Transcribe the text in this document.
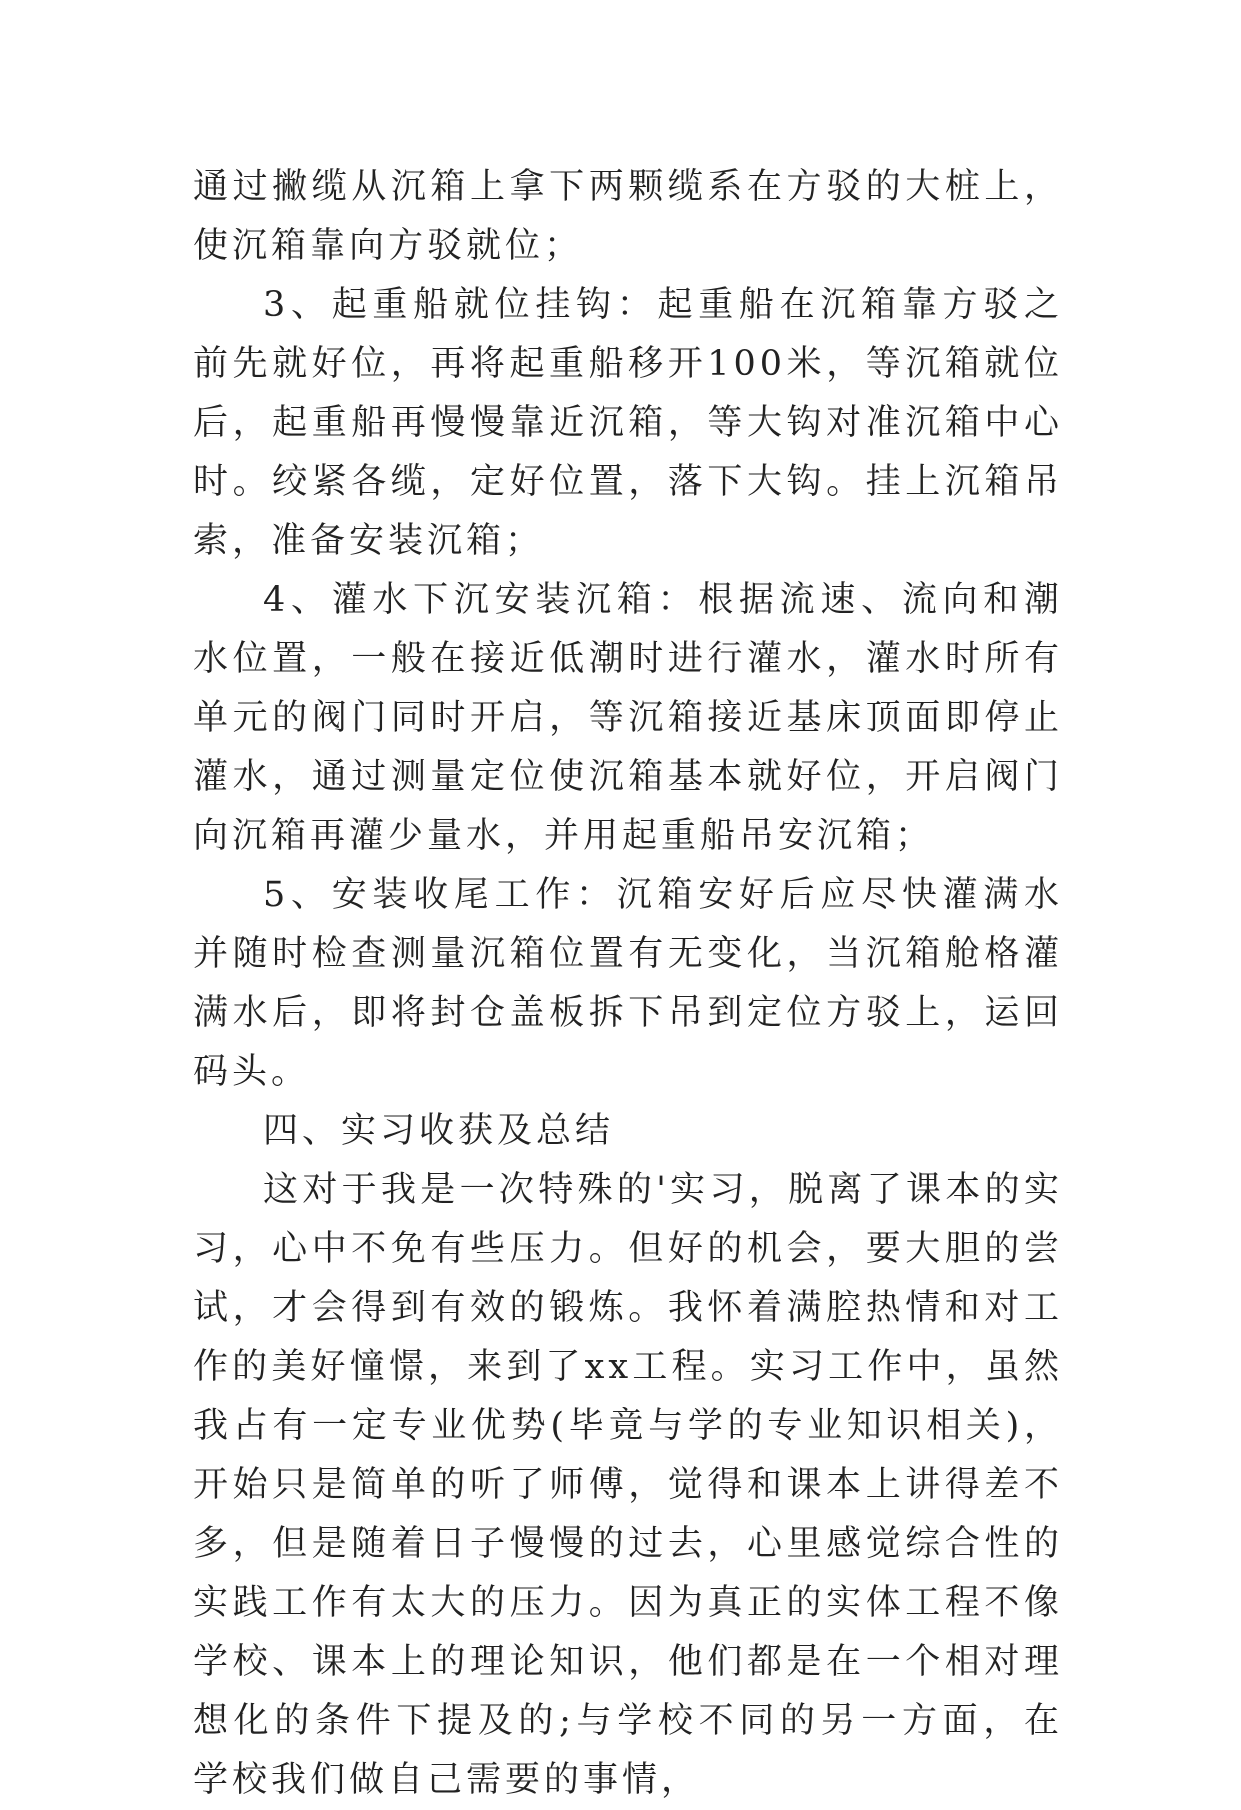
通过撇缆从沉箱上拿下两颗缆系在方驳的大桩上，使沉箱靠向方驳就位；

3、起重船就位挂钩：起重船在沉箱靠方驳之前先就好位，再将起重船移开100米，等沉箱就位后，起重船再慢慢靠近沉箱，等大钩对准沉箱中心时。绞紧各缆，定好位置，落下大钩。挂上沉箱吊索，准备安装沉箱；

4、灌水下沉安装沉箱：根据流速、流向和潮水位置，一般在接近低潮时进行灌水，灌水时所有单元的阀门同时开启，等沉箱接近基床顶面即停止灌水，通过测量定位使沉箱基本就好位，开启阀门向沉箱再灌少量水，并用起重船吊安沉箱；

5、安装收尾工作：沉箱安好后应尽快灌满水并随时检查测量沉箱位置有无变化，当沉箱舱格灌满水后，即将封仓盖板拆下吊到定位方驳上，运回码头。

四、实习收获及总结

这对于我是一次特殊的'实习，脱离了课本的实习，心中不免有些压力。但好的机会，要大胆的尝试，才会得到有效的锻炼。我怀着满腔热情和对工作的美好憧憬，来到了xx工程。实习工作中，虽然我占有一定专业优势(毕竟与学的专业知识相关)，开始只是简单的听了师傅，觉得和课本上讲得差不多，但是随着日子慢慢的过去，心里感觉综合性的实践工作有太大的压力。因为真正的实体工程不像学校、课本上的理论知识，他们都是在一个相对理想化的条件下提及的;与学校不同的另一方面，在学校我们做自己需要的事情，
